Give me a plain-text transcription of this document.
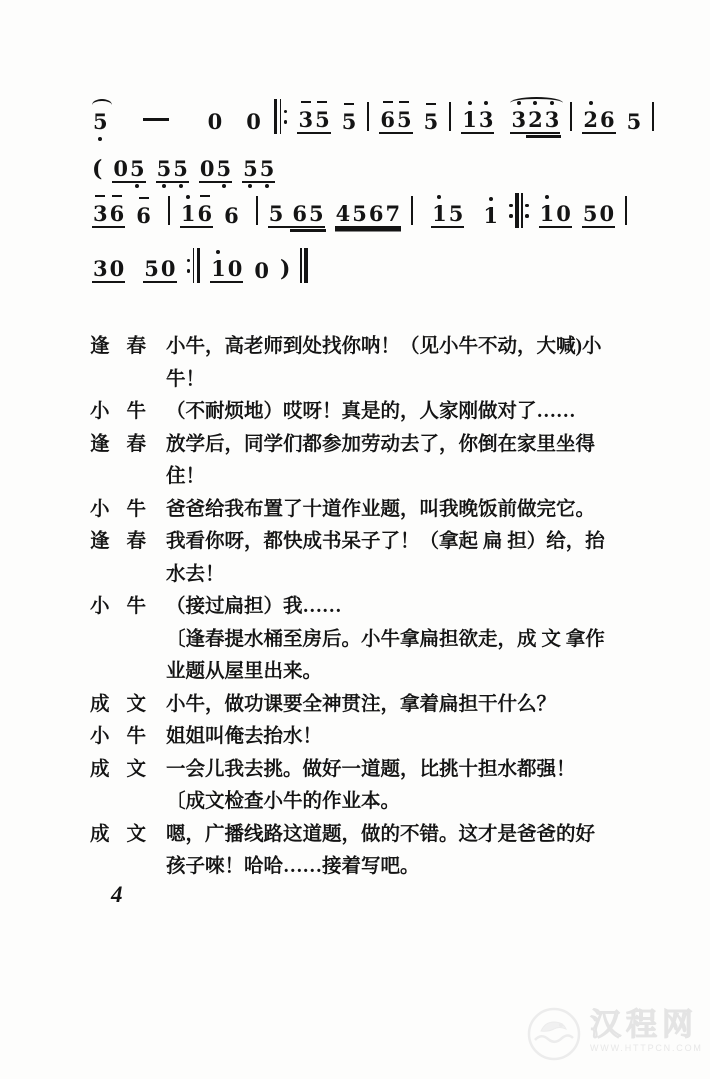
5	0 0 3 5 5 6 5 5 1 3 3 2 3 2 6 5
( 0 5 5 5 0 5 5 5
3 6 6 1 6 6 5 6 5 4 5 6 7 1 5 1 1 0 5 0
3 0 5 0 1 0 0 )
逢 春 小牛，高老师到处找你呐！（见小牛不动，大喊)小
牛！
小 牛 （不耐烦地）哎呀！真是的，人家刚做对了……
逢 春 放学后，同学们都参加劳动去了，你倒在家里坐得
住！
小 牛 爸爸给我布置了十道作业题，叫我晚饭前做完它。
逢 春 我看你呀，都快成书呆子了！（拿起 扁 担）给，抬
水去！
小 牛 （接过扁担）我……
〔逢春提水桶至房后。小牛拿扁担欲走，成 文 拿作
业题从屋里出来。
成 文 小牛，做功课要全神贯注，拿着扁担干什么？
小 牛 姐姐叫俺去抬水！
成 文 一会儿我去挑。做好一道题，比挑十担水都强！
〔成文检查小牛的作业本。
成 文 嗯，广播线路这道题，做的不错。这才是爸爸的好
孩子唻！哈哈……接着写吧。
4
汉程网
WWW.HTTPCN.COM
